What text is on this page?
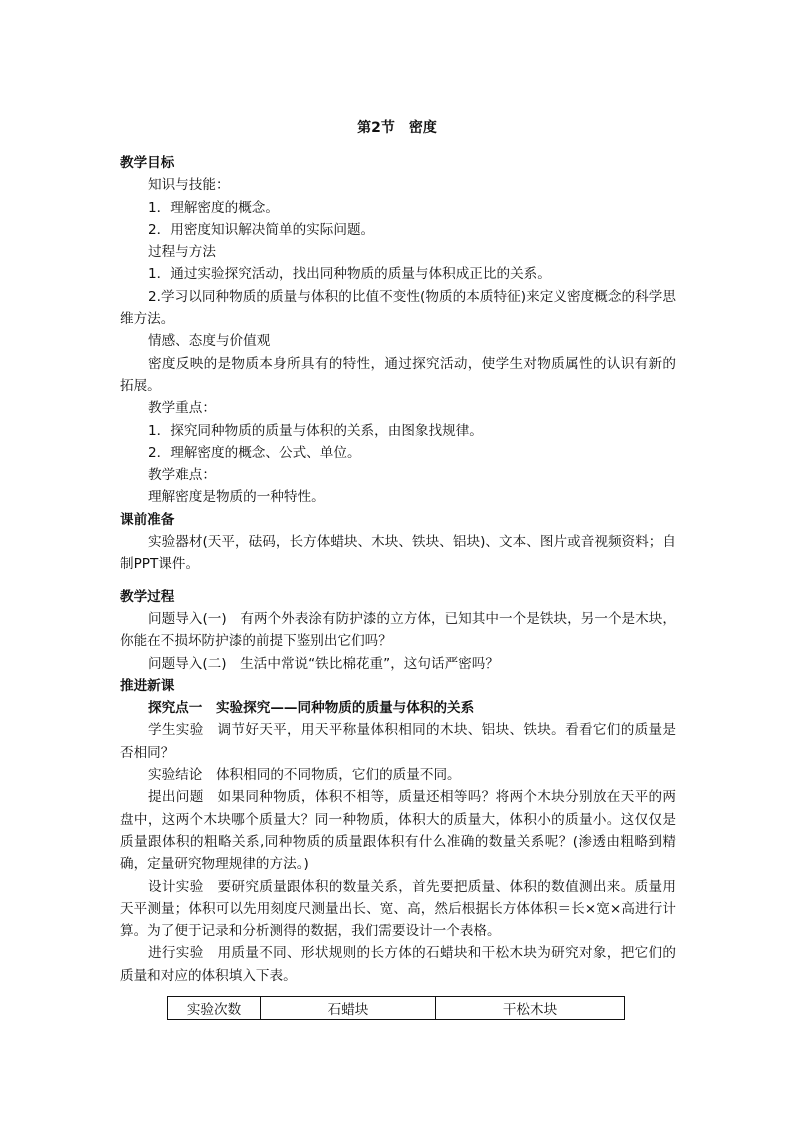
第2节　密度

教学目标

知识与技能：

1．理解密度的概念。

2．用密度知识解决简单的实际问题。

过程与方法

1．通过实验探究活动，找出同种物质的质量与体积成正比的关系。

2.学习以同种物质的质量与体积的比值不变性(物质的本质特征)来定义密度概念的科学思维方法。

情感、态度与价值观

密度反映的是物质本身所具有的特性，通过探究活动，使学生对物质属性的认识有新的拓展。

教学重点：

1．探究同种物质的质量与体积的关系，由图象找规律。

2．理解密度的概念、公式、单位。

教学难点：

理解密度是物质的一种特性。

课前准备

实验器材(天平，砝码，长方体蜡块、木块、铁块、铝块)、文本、图片或音视频资料；自制PPT课件。

教学过程

问题导入(一)　有两个外表涂有防护漆的立方体，已知其中一个是铁块，另一个是木块，你能在不损坏防护漆的前提下鉴别出它们吗？

问题导入(二)　生活中常说“铁比棉花重”，这句话严密吗？

推进新课

探究点一　实验探究——同种物质的质量与体积的关系

学生实验　调节好天平，用天平称量体积相同的木块、铝块、铁块。看看它们的质量是否相同？

实验结论　体积相同的不同物质，它们的质量不同。

提出问题　如果同种物质，体积不相等，质量还相等吗？将两个木块分别放在天平的两盘中，这两个木块哪个质量大？同一种物质，体积大的质量大，体积小的质量小。这仅仅是质量跟体积的粗略关系,同种物质的质量跟体积有什么准确的数量关系呢？(渗透由粗略到精确，定量研究物理规律的方法。)

设计实验　要研究质量跟体积的数量关系，首先要把质量、体积的数值测出来。质量用天平测量；体积可以先用刻度尺测量出长、宽、高，然后根据长方体体积＝长×宽×高进行计算。为了便于记录和分析测得的数据，我们需要设计一个表格。

进行实验　用质量不同、形状规则的长方体的石蜡块和干松木块为研究对象，把它们的质量和对应的体积填入下表。

实验次数	石蜡块	干松木块
